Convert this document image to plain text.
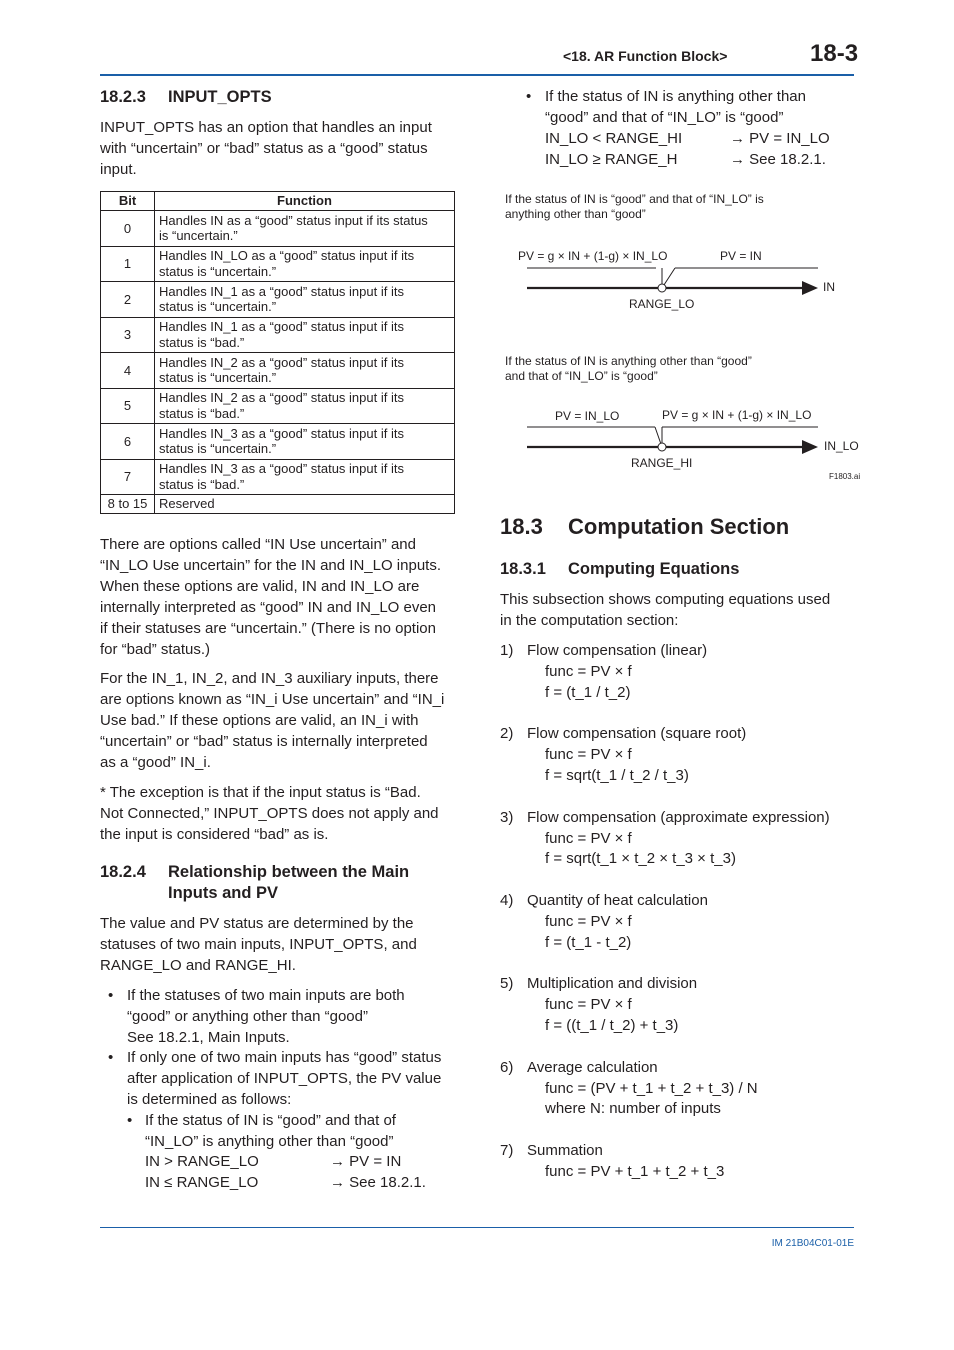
<18. AR Function Block>	18-3
18.2.3 INPUT_OPTS

INPUT_OPTS has an option that handles an input

with “uncertain” or “bad” status as a “good” status

input.

Bit	Function
0	Handles IN as a “good” status input if its status
is “uncertain.”

1	Handles IN_LO as a “good” status input if its
status is “uncertain.”

2	Handles IN_1 as a “good” status input if its
status is “uncertain.”

3	Handles IN_1 as a “good” status input if its
status is “bad.”

4	Handles IN_2 as a “good” status input if its
status is “uncertain.”

5	Handles IN_2 as a “good” status input if its
status is “bad.”

6	Handles IN_3 as a “good” status input if its
status is “uncertain.”

7	Handles IN_3 as a “good” status input if its
status is “bad.”

8 to 15	Reserved

There are options called “IN Use uncertain” and

“IN_LO Use uncertain” for the IN and IN_LO inputs.

When these options are valid, IN and IN_LO are

internally interpreted as “good” IN and IN_LO even

if their statuses are “uncertain.” (There is no option

for “bad” status.)

For the IN_1, IN_2, and IN_3 auxiliary inputs, there

are options known as “IN_i Use uncertain” and “IN_i

Use bad.” If these options are valid, an IN_i with

“uncertain” or “bad” status is internally interpreted

as a “good” IN_i.

* The exception is that if the input status is “Bad.

Not Connected,” INPUT_OPTS does not apply and

the input is considered “bad” as is.

18.2.4 Relationship between the Main
Inputs and PV

The value and PV status are determined by the

statuses of two main inputs, INPUT_OPTS, and

RANGE_LO and RANGE_HI.

• If the statuses of two main inputs are both

“good” or anything other than “good”

See 18.2.1, Main Inputs.

• If only one of two main inputs has “good” status

after application of INPUT_OPTS, the PV value

is determined as follows:

• If the status of IN is “good” and that of

“IN_LO” is anything other than “good”

IN > RANGE_LO	→ PV = IN
IN ≤ RANGE_LO	→ See 18.2.1.
• If the status of IN is anything other than

“good” and that of “IN_LO” is “good”

IN_LO < RANGE_HI	→ PV = IN_LO
IN_LO ≥ RANGE_H	→ See 18.2.1.
If the status of IN is “good” and that of “IN_LO” is
anything other than “good”
PV = g × IN + (1-g) × IN_LO	PV = IN
IN
RANGE_LO
If the status of IN is anything other than “good”
and that of “IN_LO” is “good”
PV = IN_LO	PV = g × IN + (1-g) × IN_LO
IN_LO
RANGE_HI
F1803.ai
18.3 Computation Section
18.3.1 Computing Equations

This subsection shows computing equations used

in the computation section:

1) Flow compensation (linear)
func = PV × f
f = (t_1 / t_2)
2) Flow compensation (square root)
func = PV × f
f = sqrt(t_1 / t_2 / t_3)
3) Flow compensation (approximate expression)
func = PV × f
f = sqrt(t_1 × t_2 × t_3 × t_3)
4) Quantity of heat calculation
func = PV × f
f = (t_1 - t_2)
5) Multiplication and division
func = PV × f
f = ((t_1 / t_2) + t_3)
6) Average calculation
func = (PV + t_1 + t_2 + t_3) / N
where N: number of inputs
7) Summation
func = PV + t_1 + t_2 + t_3
IM 21B04C01-01E
